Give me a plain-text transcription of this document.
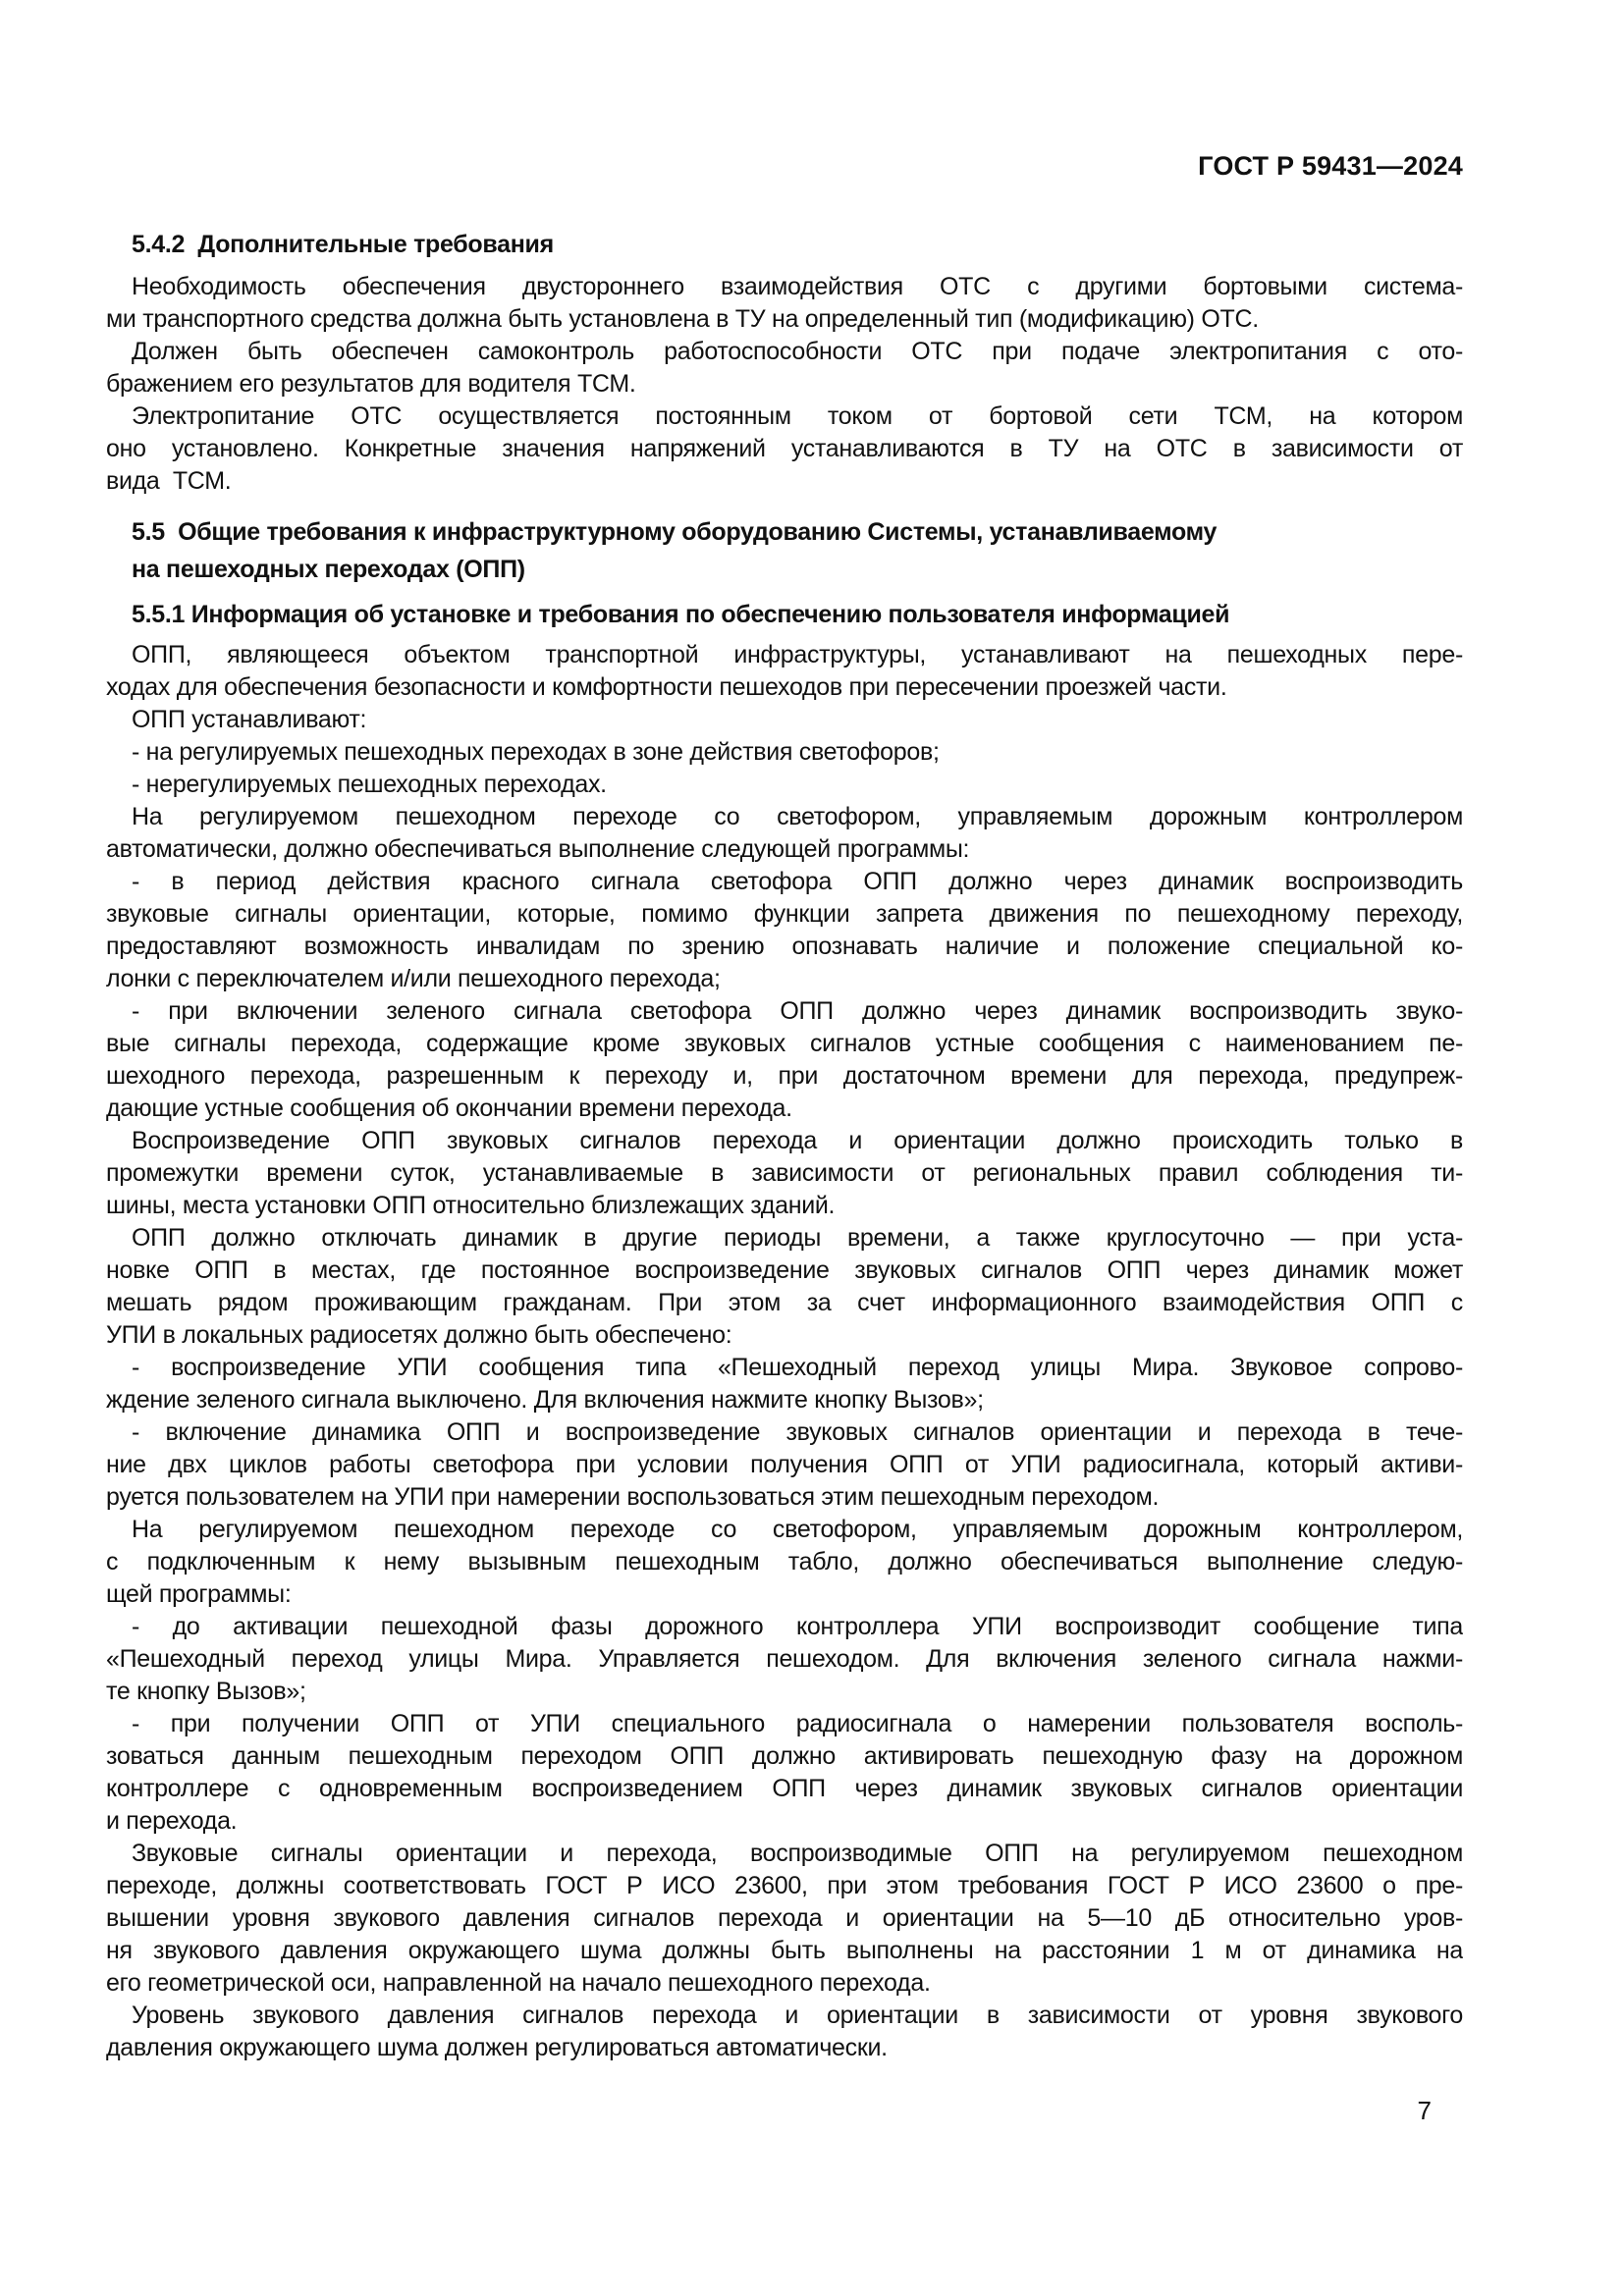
ГОСТ Р 59431—2024
5.4.2  Дополнительные требования
Необходимость обеспечения двустороннего взаимодействия ОТС с другими бортовыми система-
ми транспортного средства должна быть установлена в ТУ на определенный тип (модификацию) ОТС.
Должен быть обеспечен самоконтроль работоспособности ОТС при подаче электропитания с ото-
бражением его результатов для водителя ТСМ.
Электропитание ОТС осуществляется постоянным током от бортовой сети ТСМ, на котором
оно установлено. Конкретные значения напряжений устанавливаются в ТУ на ОТС в зависимости от
вида  ТСМ.
5.5  Общие требования к инфраструктурному оборудованию Системы, устанавливаемому
на пешеходных переходах (ОПП)
5.5.1 Информация об установке и требования по обеспечению пользователя информацией
ОПП, являющееся объектом транспортной инфраструктуры, устанавливают на пешеходных пере-
ходах для обеспечения безопасности и комфортности пешеходов при пересечении проезжей части.
ОПП устанавливают:
- на регулируемых пешеходных переходах в зоне действия светофоров;
- нерегулируемых пешеходных переходах.
На регулируемом пешеходном переходе со светофором, управляемым дорожным контроллером
автоматически, должно обеспечиваться выполнение следующей программы:
- в период действия красного сигнала светофора ОПП должно через динамик воспроизводить
звуковые сигналы ориентации, которые, помимо функции запрета движения по пешеходному переходу,
предоставляют возможность инвалидам по зрению опознавать наличие и положение специальной ко-
лонки с переключателем и/или пешеходного перехода;
- при включении зеленого сигнала светофора ОПП должно через динамик воспроизводить звуко-
вые сигналы перехода, содержащие кроме звуковых сигналов устные сообщения с наименованием пе-
шеходного перехода, разрешенным к переходу и, при достаточном времени для перехода, предупреж-
дающие устные сообщения об окончании времени перехода.
Воспроизведение ОПП звуковых сигналов перехода и ориентации должно происходить только в
промежутки времени суток, устанавливаемые в зависимости от региональных правил соблюдения ти-
шины, места установки ОПП относительно близлежащих зданий.
ОПП должно отключать динамик в другие периоды времени, а также круглосуточно — при уста-
новке ОПП в местах, где постоянное воспроизведение звуковых сигналов ОПП через динамик может
мешать рядом проживающим гражданам. При этом за счет информационного взаимодействия ОПП с
УПИ в локальных радиосетях должно быть обеспечено:
- воспроизведение УПИ сообщения типа «Пешеходный переход улицы Мира. Звуковое сопрово-
ждение зеленого сигнала выключено. Для включения нажмите кнопку Вызов»;
- включение динамика ОПП и воспроизведение звуковых сигналов ориентации и перехода в тече-
ние двх циклов работы светофора при условии получения ОПП от УПИ радиосигнала, который активи-
руется пользователем на УПИ при намерении воспользоваться этим пешеходным переходом.
На регулируемом пешеходном переходе со светофором, управляемым дорожным контроллером,
с подключенным к нему вызывным пешеходным табло, должно обеспечиваться выполнение следую-
щей программы:
- до активации пешеходной фазы дорожного контроллера УПИ воспроизводит сообщение типа
«Пешеходный переход улицы Мира. Управляется пешеходом. Для включения зеленого сигнала нажми-
те кнопку Вызов»;
- при получении ОПП от УПИ специального радиосигнала о намерении пользователя восполь-
зоваться данным пешеходным переходом ОПП должно активировать пешеходную фазу на дорожном
контроллере с одновременным воспроизведением ОПП через динамик звуковых сигналов ориентации
и перехода.
Звуковые сигналы ориентации и перехода, воспроизводимые ОПП на регулируемом пешеходном
переходе, должны соответствовать ГОСТ Р ИСО 23600, при этом требования ГОСТ Р ИСО 23600 о пре-
вышении уровня звукового давления сигналов перехода и ориентации на 5—10 дБ относительно уров-
ня звукового давления окружающего шума должны быть выполнены на расстоянии 1 м от динамика на
его геометрической оси, направленной на начало пешеходного перехода.
Уровень звукового давления сигналов перехода и ориентации в зависимости от уровня звукового
давления окружающего шума должен регулироваться автоматически.
7
